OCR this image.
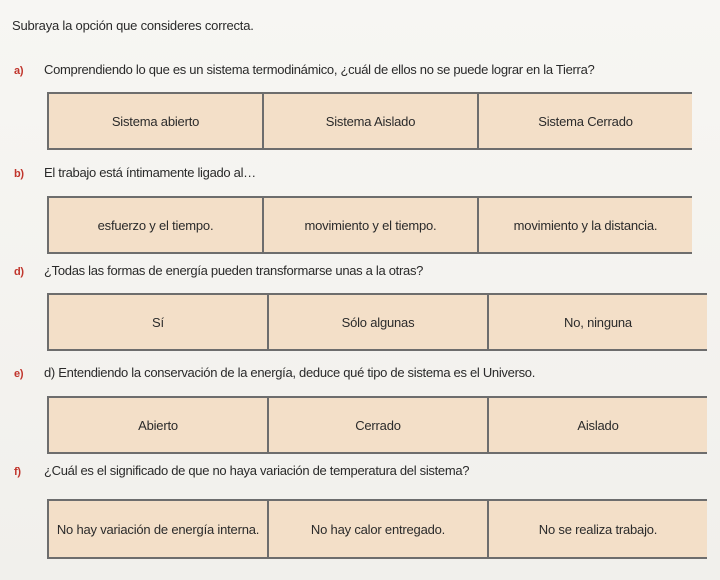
Subraya la opción que consideres correcta.
a)	Comprendiendo lo que es un sistema termodinámico, ¿cuál de ellos no se puede lograr en la Tierra?
Sistema abierto	Sistema Aislado	Sistema Cerrado
b)	El trabajo está íntimamente ligado al…
esfuerzo y el tiempo.	movimiento y el tiempo.	movimiento y la distancia.
d)	¿Todas las formas de energía pueden transformarse unas a la otras?
Sí	Sólo algunas	No, ninguna
e)	d) Entendiendo la conservación de la energía, deduce qué tipo de sistema es el Universo.
Abierto	Cerrado	Aislado
f)	¿Cuál es el significado de que no haya variación de temperatura del sistema?
No hay variación de energía interna.	No hay calor entregado.	No se realiza trabajo.
